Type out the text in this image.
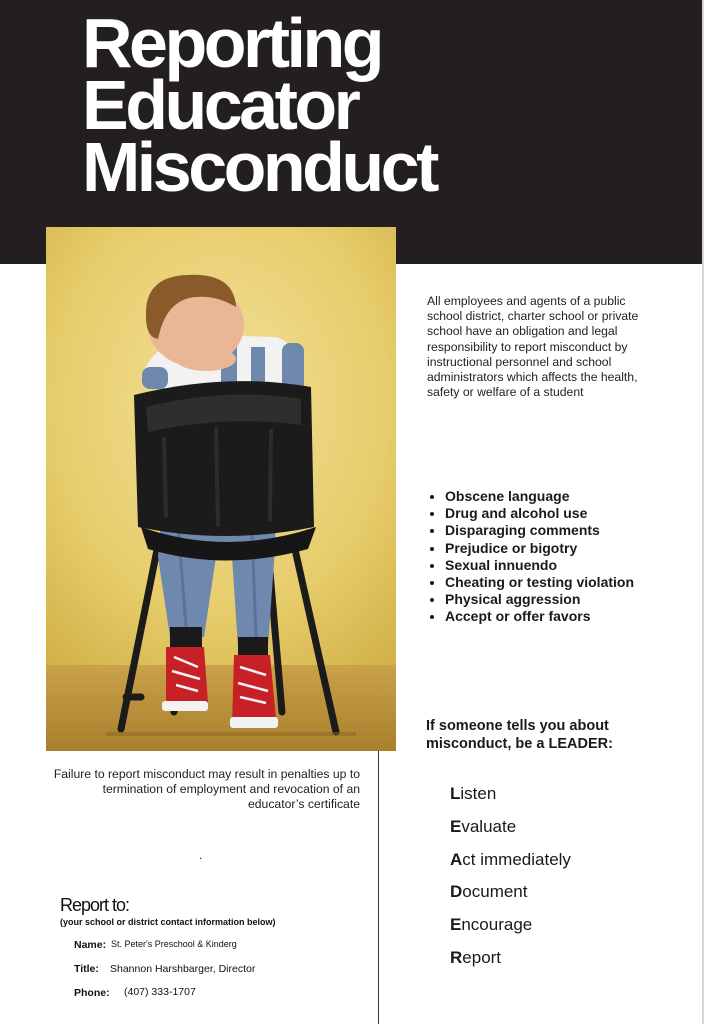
Reporting
Educator
Misconduct

All employees and agents of a public school district, charter school or private school have an obligation and legal responsibility to report misconduct by instructional personnel and school administrators which affects the health, safety or welfare of a student

• Obscene language
• Drug and alcohol use
• Disparaging comments
• Prejudice or bigotry
• Sexual innuendo
• Cheating or testing violation
• Physical aggression
• Accept or offer favors

If someone tells you about misconduct, be a LEADER:

Listen
Evaluate
Act immediately
Document
Encourage
Report

Failure to report misconduct may result in penalties up to termination of employment and revocation of an educator’s certificate

.

Report to:

(your school or district contact information below)

Name: St. Peter's Preschool & Kinderg
Title: Shannon Harshbarger, Director
Phone: (407) 333-1707
